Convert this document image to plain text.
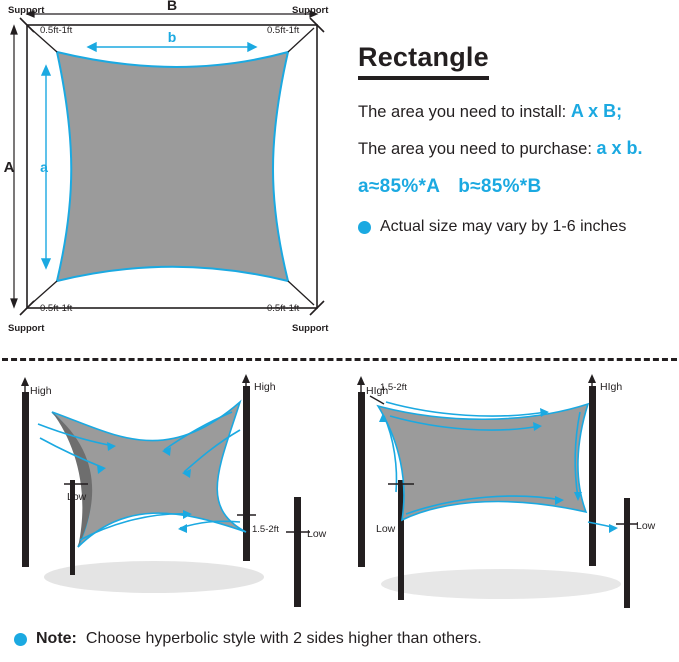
B
b
A a
0.5ft-1ft	0.5ft-1ft
0.5ft-1ft	0.5ft-1ft
Support	Support
Support	Support
Rectangle
The area you need to install: A x B;
The area you need to purchase: a x b.
a≈85%*A b≈85%*B
Actual size may vary by 1-6 inches
High	High
Low
Low
1.5-2ft
HIgh	HIgh
Low	Low
1.5-2ft
Note: Choose hyperbolic style with 2 sides higher than others.
